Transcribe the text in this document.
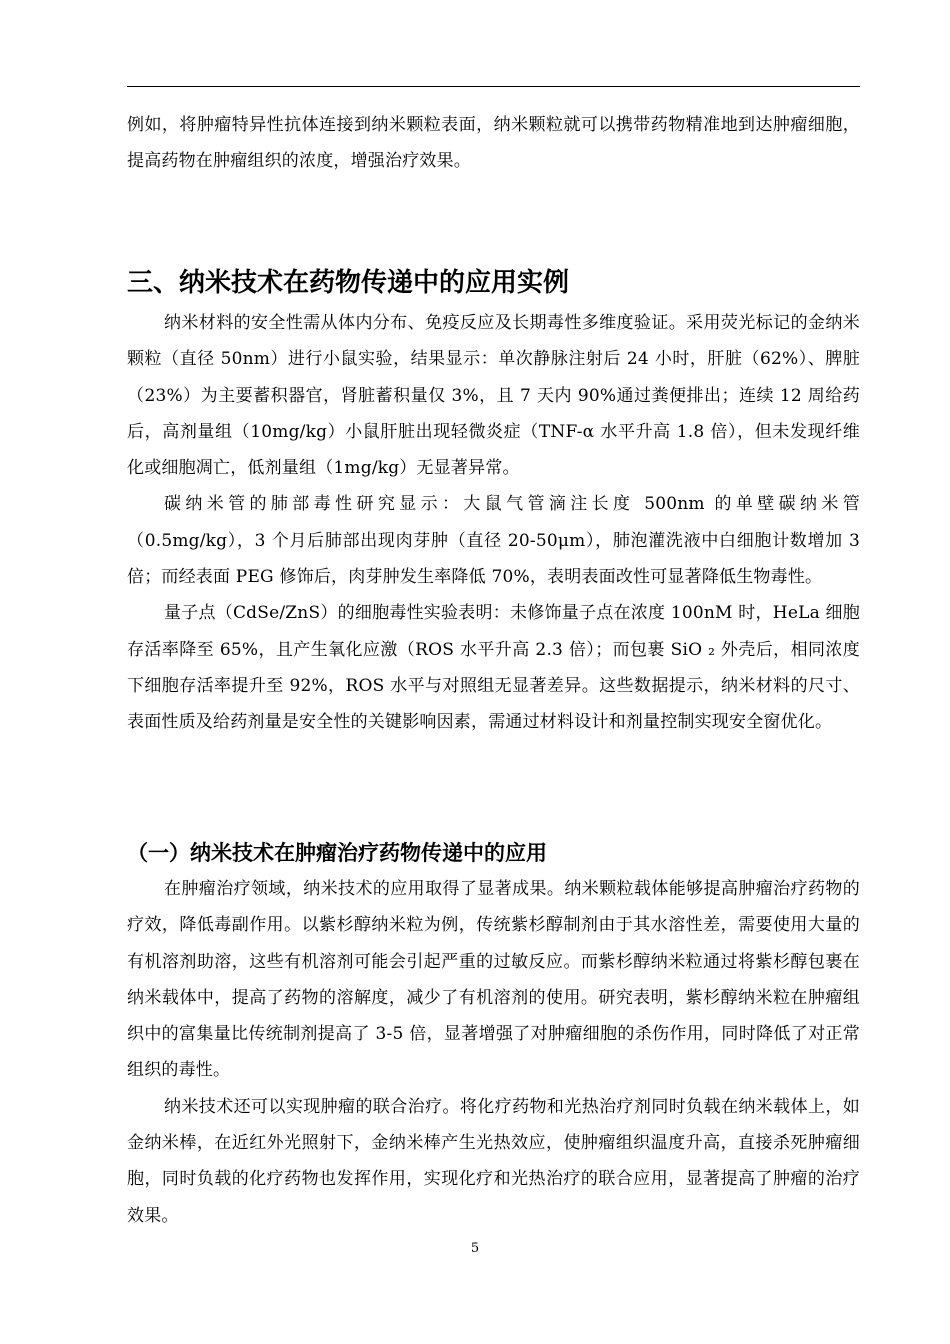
例如，将肿瘤特异性抗体连接到纳米颗粒表面，纳米颗粒就可以携带药物精准地到达肿瘤细胞，提高药物在肿瘤组织的浓度，增强治疗效果。

三、纳米技术在药物传递中的应用实例

纳米材料的安全性需从体内分布、免疫反应及长期毒性多维度验证。采用荧光标记的金纳米颗粒（直径 50nm）进行小鼠实验，结果显示：单次静脉注射后 24 小时，肝脏（62%）、脾脏（23%）为主要蓄积器官，肾脏蓄积量仅 3%，且 7 天内 90%通过粪便排出；连续 12 周给药后，高剂量组（10mg/kg）小鼠肝脏出现轻微炎症（TNF-α 水平升高 1.8 倍），但未发现纤维化或细胞凋亡，低剂量组（1mg/kg）无显著异常。

碳纳米管的肺部毒性研究显示：大鼠气管滴注长度 500nm 的单壁碳纳米管（0.5mg/kg），3 个月后肺部出现肉芽肿（直径 20-50μm），肺泡灌洗液中白细胞计数增加 3 倍；而经表面 PEG 修饰后，肉芽肿发生率降低 70%，表明表面改性可显著降低生物毒性。

量子点（CdSe/ZnS）的细胞毒性实验表明：未修饰量子点在浓度 100nM 时，HeLa 细胞存活率降至 65%，且产生氧化应激（ROS 水平升高 2.3 倍）；而包裹 SiO ₂ 外壳后，相同浓度下细胞存活率提升至 92%，ROS 水平与对照组无显著差异。这些数据提示，纳米材料的尺寸、表面性质及给药剂量是安全性的关键影响因素，需通过材料设计和剂量控制实现安全窗优化。

（一）纳米技术在肿瘤治疗药物传递中的应用

在肿瘤治疗领域，纳米技术的应用取得了显著成果。纳米颗粒载体能够提高肿瘤治疗药物的疗效，降低毒副作用。以紫杉醇纳米粒为例，传统紫杉醇制剂由于其水溶性差，需要使用大量的有机溶剂助溶，这些有机溶剂可能会引起严重的过敏反应。而紫杉醇纳米粒通过将紫杉醇包裹在纳米载体中，提高了药物的溶解度，减少了有机溶剂的使用。研究表明，紫杉醇纳米粒在肿瘤组织中的富集量比传统制剂提高了 3-5 倍，显著增强了对肿瘤细胞的杀伤作用，同时降低了对正常组织的毒性。

纳米技术还可以实现肿瘤的联合治疗。将化疗药物和光热治疗剂同时负载在纳米载体上，如金纳米棒，在近红外光照射下，金纳米棒产生光热效应，使肿瘤组织温度升高，直接杀死肿瘤细胞，同时负载的化疗药物也发挥作用，实现化疗和光热治疗的联合应用，显著提高了肿瘤的治疗效果。

5
